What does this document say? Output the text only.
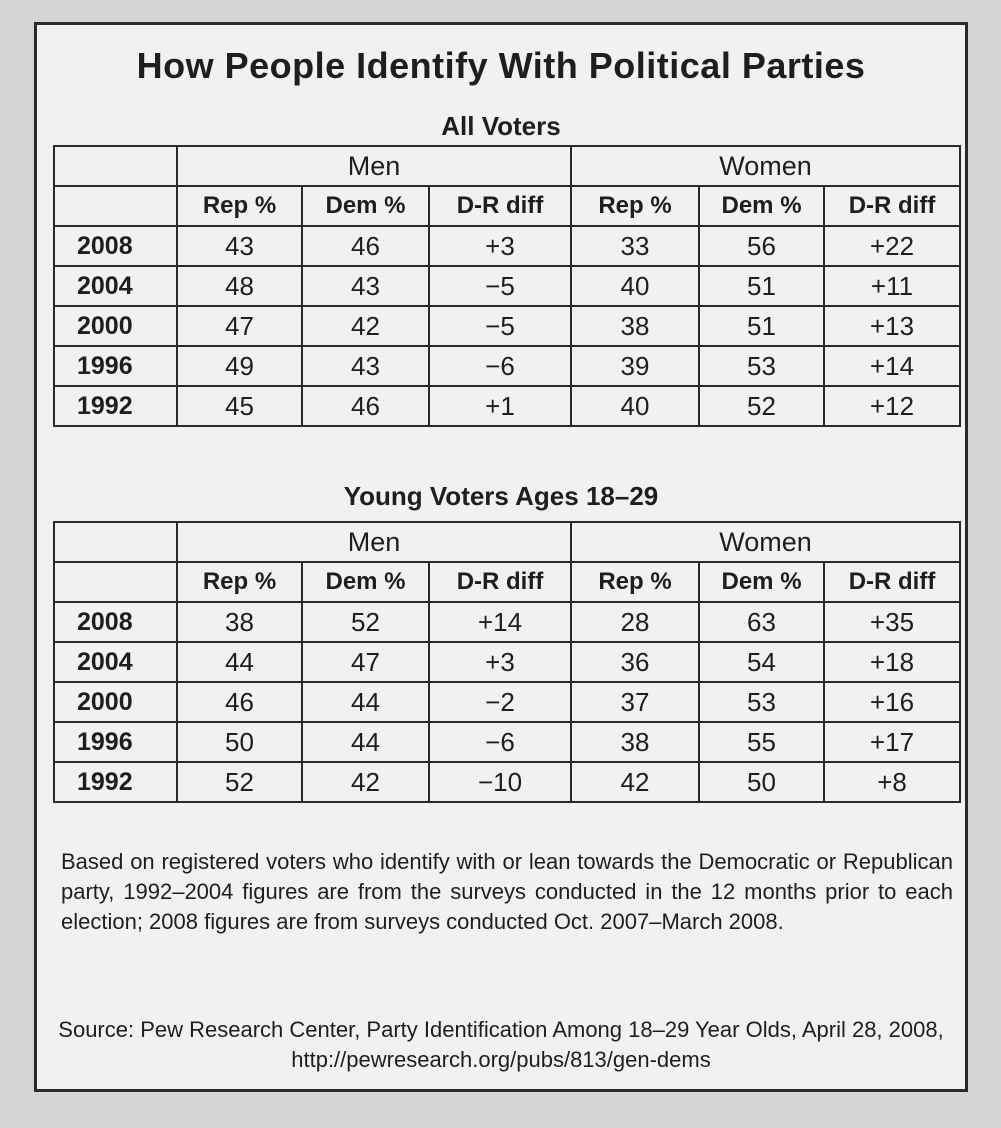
How People Identify With Political Parties
All Voters
	Men			Women		
	Rep %	Dem %	D-R diff	Rep %	Dem %	D-R diff
2008	43	46	+3	33	56	+22
2004	48	43	−5	40	51	+11
2000	47	42	−5	38	51	+13
1996	49	43	−6	39	53	+14
1992	45	46	+1	40	52	+12
Young Voters Ages 18–29
	Men			Women		
	Rep %	Dem %	D-R diff	Rep %	Dem %	D-R diff
2008	38	52	+14	28	63	+35
2004	44	47	+3	36	54	+18
2000	46	44	−2	37	53	+16
1996	50	44	−6	38	55	+17
1992	52	42	−10	42	50	+8
Based on registered voters who identify with or lean towards the Democratic or Republican party, 1992–2004 figures are from the surveys conducted in the 12 months prior to each election; 2008 figures are from surveys conducted Oct. 2007–March 2008.
Source: Pew Research Center, Party Identification Among 18–29 Year Olds, April 28, 2008, http://pewresearch.org/pubs/813/gen-dems
